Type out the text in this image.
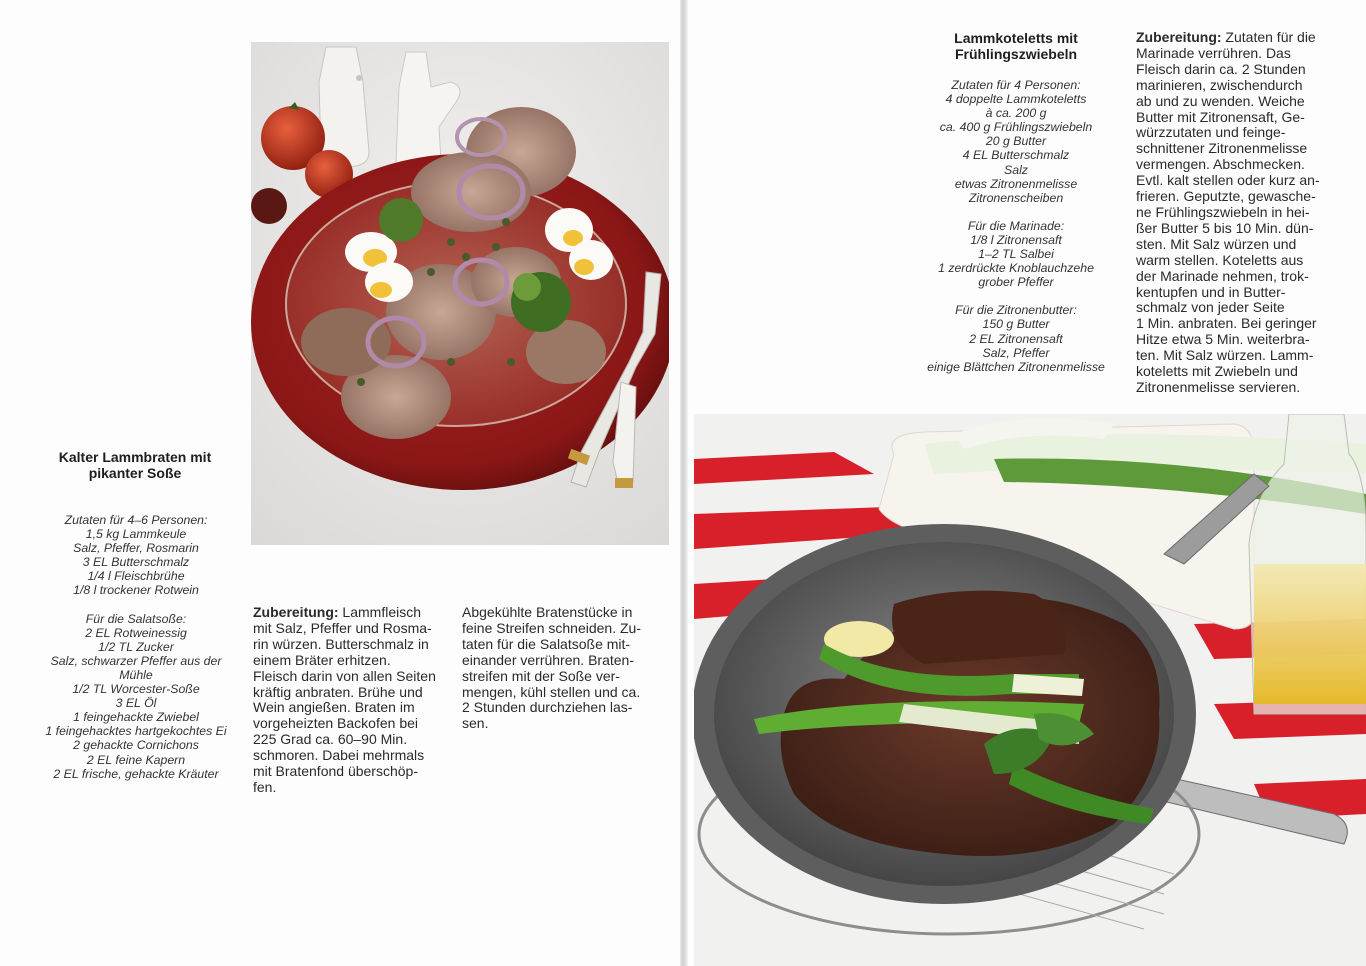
Kalter Lammbraten mit
pikanter Soße
Zutaten für 4–6 Personen:
1,5 kg Lammkeule
Salz, Pfeffer, Rosmarin
3 EL Butterschmalz
1/4 l Fleischbrühe
1/8 l trockener Rotwein
Für die Salatsoße:
2 EL Rotweinessig
1/2 TL Zucker
Salz, schwarzer Pfeffer aus der
Mühle
1/2 TL Worcester-Soße
3 EL Öl
1 feingehackte Zwiebel
1 feingehacktes hartgekochtes Ei
2 gehackte Cornichons
2 EL feine Kapern
2 EL frische, gehackte Kräuter
Zubereitung: Lammfleisch
mit Salz, Pfeffer und Rosma-
rin würzen. Butterschmalz in
einem Bräter erhitzen.
Fleisch darin von allen Seiten
kräftig anbraten. Brühe und
Wein angießen. Braten im
vorgeheizten Backofen bei
225 Grad ca. 60–90 Min.
schmoren. Dabei mehrmals
mit Bratenfond überschöp-
fen.
Abgekühlte Bratenstücke in
feine Streifen schneiden. Zu-
taten für die Salatsoße mit-
einander verrühren. Braten-
streifen mit der Soße ver-
mengen, kühl stellen und ca.
2 Stunden durchziehen las-
sen.
Lammkoteletts mit
Frühlingszwiebeln
Zutaten für 4 Personen:
4 doppelte Lammkoteletts
à ca. 200 g
ca. 400 g Frühlingszwiebeln
20 g Butter
4 EL Butterschmalz
Salz
etwas Zitronenmelisse
Zitronenscheiben
Für die Marinade:
1/8 l Zitronensaft
1–2 TL Salbei
1 zerdrückte Knoblauchzehe
grober Pfeffer
Für die Zitronenbutter:
150 g Butter
2 EL Zitronensaft
Salz, Pfeffer
einige Blättchen Zitronenmelisse
Zubereitung: Zutaten für die
Marinade verrühren. Das
Fleisch darin ca. 2 Stunden
marinieren, zwischendurch
ab und zu wenden. Weiche
Butter mit Zitronensaft, Ge-
würzzutaten und feinge-
schnittener Zitronenmelisse
vermengen. Abschmecken.
Evtl. kalt stellen oder kurz an-
frieren. Geputzte, gewasche-
ne Frühlingszwiebeln in hei-
ßer Butter 5 bis 10 Min. dün-
sten. Mit Salz würzen und
warm stellen. Koteletts aus
der Marinade nehmen, trok-
kentupfen und in Butter-
schmalz von jeder Seite
1 Min. anbraten. Bei geringer
Hitze etwa 5 Min. weiterbra-
ten. Mit Salz würzen. Lamm-
koteletts mit Zwiebeln und
Zitronenmelisse servieren.
